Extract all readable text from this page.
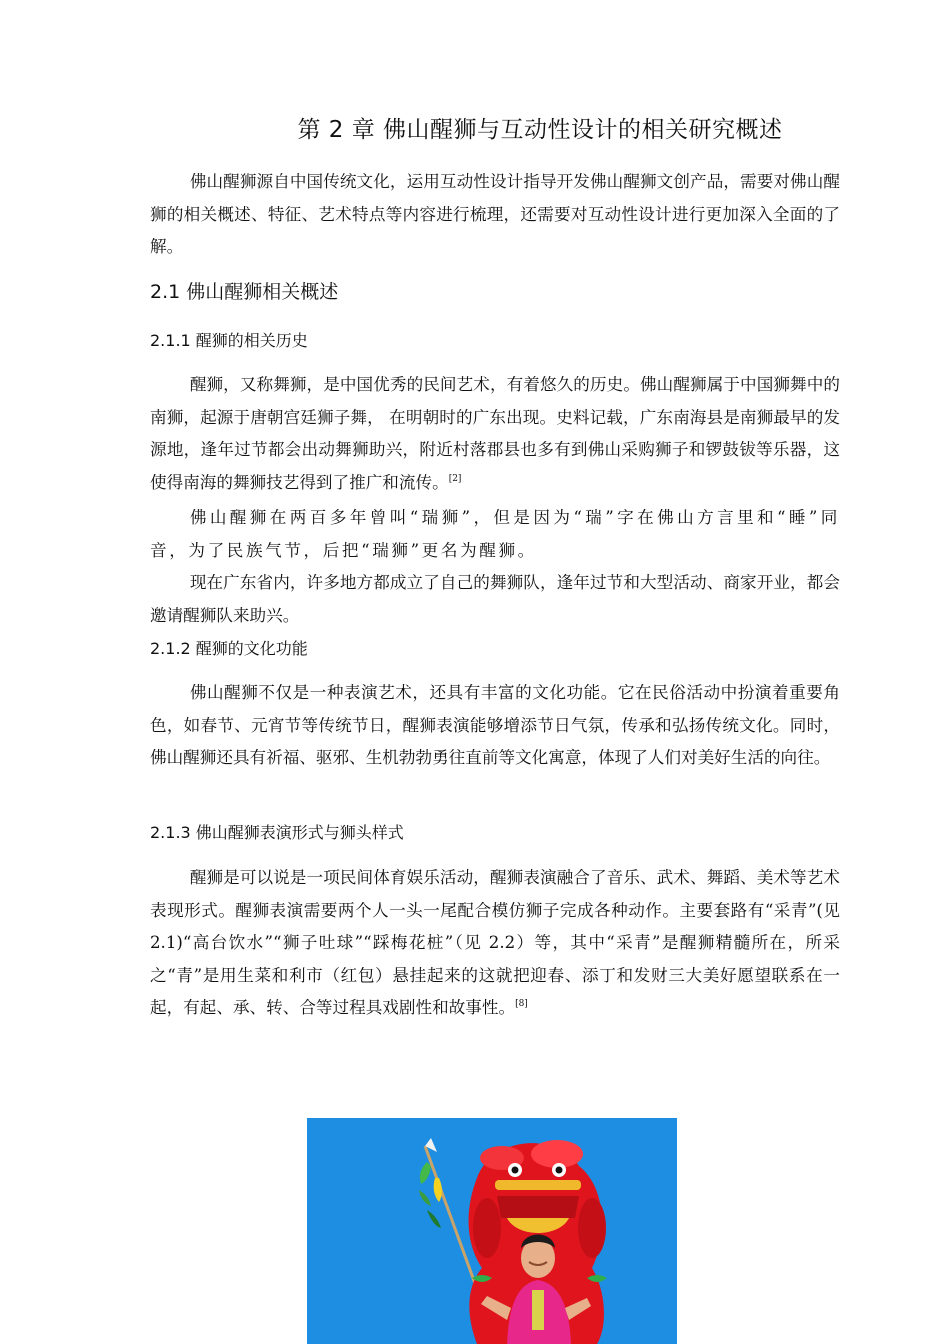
第 2 章 佛山醒狮与互动性设计的相关研究概述

佛山醒狮源自中国传统文化，运用互动性设计指导开发佛山醒狮文创产品，需要对佛山醒狮的相关概述、特征、艺术特点等内容进行梳理，还需要对互动性设计进行更加深入全面的了解。

2.1 佛山醒狮相关概述
2.1.1 醒狮的相关历史

醒狮，又称舞狮，是中国优秀的民间艺术，有着悠久的历史。佛山醒狮属于中国狮舞中的南狮，起源于唐朝宫廷狮子舞， 在明朝时的广东出现。史料记载，广东南海县是南狮最早的发源地，逢年过节都会出动舞狮助兴，附近村落郡县也多有到佛山采购狮子和锣鼓钹等乐器，这使得南海的舞狮技艺得到了推广和流传。[2]

佛山醒狮在两百多年曾叫“瑞狮”，但是因为“瑞”字在佛山方言里和“睡”同音，为了民族气节，后把“瑞狮”更名为醒狮。

现在广东省内，许多地方都成立了自己的舞狮队，逢年过节和大型活动、商家开业，都会邀请醒狮队来助兴。

2.1.2 醒狮的文化功能

佛山醒狮不仅是一种表演艺术，还具有丰富的文化功能。它在民俗活动中扮演着重要角色，如春节、元宵节等传统节日，醒狮表演能够增添节日气氛，传承和弘扬传统文化。同时，佛山醒狮还具有祈福、驱邪、生机勃勃勇往直前等文化寓意，体现了人们对美好生活的向往。

2.1.3 佛山醒狮表演形式与狮头样式

醒狮是可以说是一项民间体育娱乐活动，醒狮表演融合了音乐、武术、舞蹈、美术等艺术表现形式。醒狮表演需要两个人一头一尾配合模仿狮子完成各种动作。主要套路有“采青”(见 2.1)“高台饮水”“狮子吐球”“踩梅花桩”（见 2.2）等，其中“采青”是醒狮精髓所在，所采之“青”是用生菜和利市（红包）悬挂起来的这就把迎春、添丁和发财三大美好愿望联系在一起，有起、承、转、合等过程具戏剧性和故事性。[8]
